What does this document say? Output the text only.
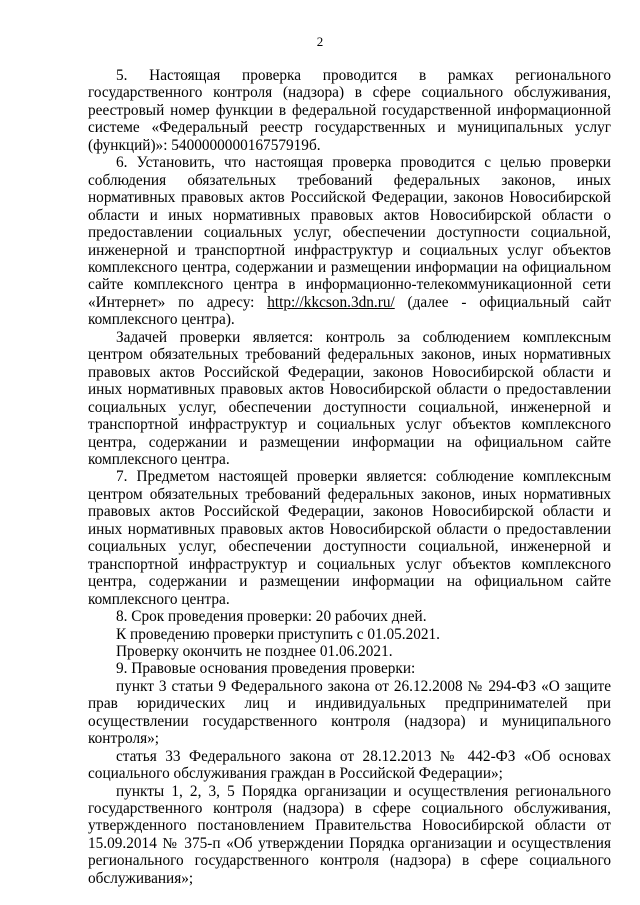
2

5. Настоящая проверка проводится в рамках регионального государственного контроля (надзора) в сфере социального обслуживания, реестровый номер функции в федеральной государственной информационной системе «Федеральный реестр государственных и муниципальных услуг (функций)»: 540000000016757919б.

6. Установить, что настоящая проверка проводится с целью проверки соблюдения обязательных требований федеральных законов, иных нормативных правовых актов Российской Федерации, законов Новосибирской области и иных нормативных правовых актов Новосибирской области о предоставлении социальных услуг, обеспечении доступности социальной, инженерной и транспортной инфраструктур и социальных услуг объектов комплексного центра, содержании и размещении информации на официальном сайте комплексного центра в информационно-телекоммуникационной сети «Интернет» по адресу: http://kkcson.3dn.ru/ (далее - официальный сайт комплексного центра).

Задачей проверки является: контроль за соблюдением комплексным центром обязательных требований федеральных законов, иных нормативных правовых актов Российской Федерации, законов Новосибирской области и иных нормативных правовых актов Новосибирской области о предоставлении социальных услуг, обеспечении доступности социальной, инженерной и транспортной инфраструктур и социальных услуг объектов комплексного центра, содержании и размещении информации на официальном сайте комплексного центра.

7. Предметом настоящей проверки является: соблюдение комплексным центром обязательных требований федеральных законов, иных нормативных правовых актов Российской Федерации, законов Новосибирской области и иных нормативных правовых актов Новосибирской области о предоставлении социальных услуг, обеспечении доступности социальной, инженерной и транспортной инфраструктур и социальных услуг объектов комплексного центра, содержании и размещении информации на официальном сайте комплексного центра.

8. Срок проведения проверки: 20 рабочих дней.

К проведению проверки приступить с 01.05.2021.

Проверку окончить не позднее 01.06.2021.

9. Правовые основания проведения проверки:

пункт 3 статьи 9 Федерального закона от 26.12.2008 № 294-ФЗ «О защите прав юридических лиц и индивидуальных предпринимателей при осуществлении государственного контроля (надзора) и муниципального контроля»;

статья 33 Федерального закона от 28.12.2013 № 442-ФЗ «Об основах социального обслуживания граждан в Российской Федерации»;

пункты 1, 2, 3, 5 Порядка организации и осуществления регионального государственного контроля (надзора) в сфере социального обслуживания, утвержденного постановлением Правительства Новосибирской области от 15.09.2014 № 375-п «Об утверждении Порядка организации и осуществления регионального государственного контроля (надзора) в сфере социального обслуживания»;
